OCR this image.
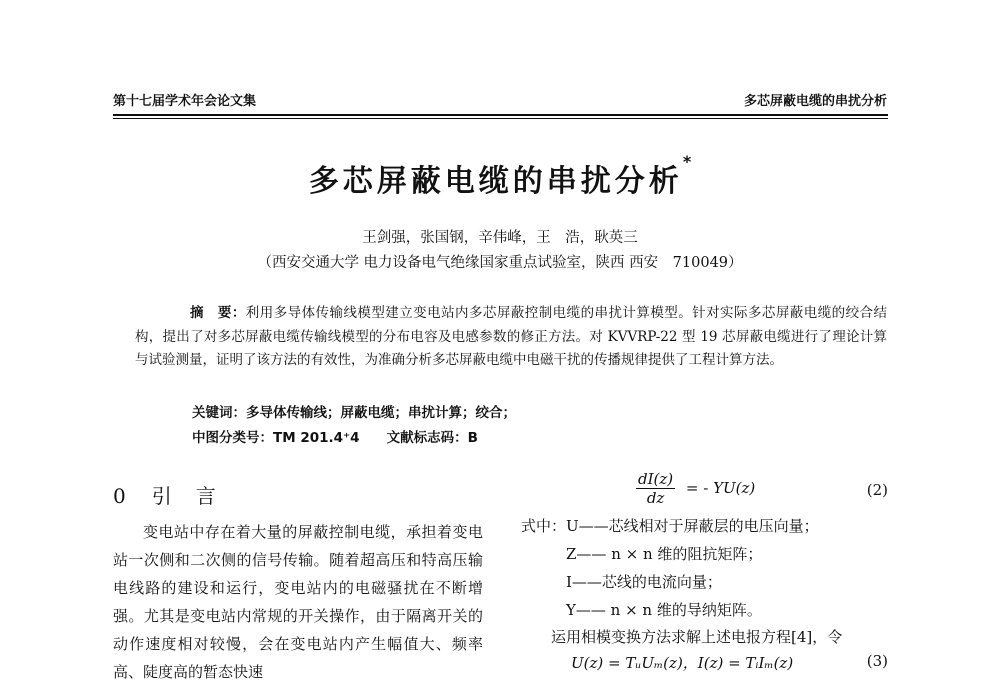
第十七届学术年会论文集	多芯屏蔽电缆的串扰分析
多芯屏蔽电缆的串扰分析*
王剑强，张国钢，辛伟峰，王　浩，耿英三
（西安交通大学 电力设备电气绝缘国家重点试验室，陕西 西安　710049）
摘　要：利用多导体传输线模型建立变电站内多芯屏蔽控制电缆的串扰计算模型。针对实际多芯屏蔽电缆的绞合结构，提出了对多芯屏蔽电缆传输线模型的分布电容及电感参数的修正方法。对 KVVRP-22 型 19 芯屏蔽电缆进行了理论计算与试验测量，证明了该方法的有效性，为准确分析多芯屏蔽电缆中电磁干扰的传播规律提供了工程计算方法。
关键词：多导体传输线；屏蔽电缆；串扰计算；绞合；
中图分类号：TM 201.4⁺4　　文献标志码：B
0 引　言
变电站中存在着大量的屏蔽控制电缆，承担着变电站一次侧和二次侧的信号传输。随着超高压和特高压输电线路的建设和运行，变电站内的电磁骚扰在不断增强。尤其是变电站内常规的开关操作，由于隔离开关的动作速度相对较慢，会在变电站内产生幅值大、频率高、陡度高的暂态快速
$\frac{dI(z)}{dz}$ = - YU(z)	(2)
式中：U——芯线相对于屏蔽层的电压向量；
Z—— n × n 维的阻抗矩阵；
I——芯线的电流向量；
Y—— n × n 维的导纳矩阵。
运用相模变换方法求解上述电报方程[4]，令
U(z) = TᵤUₘ(z)，I(z) = TᵢIₘ(z)	(3)
